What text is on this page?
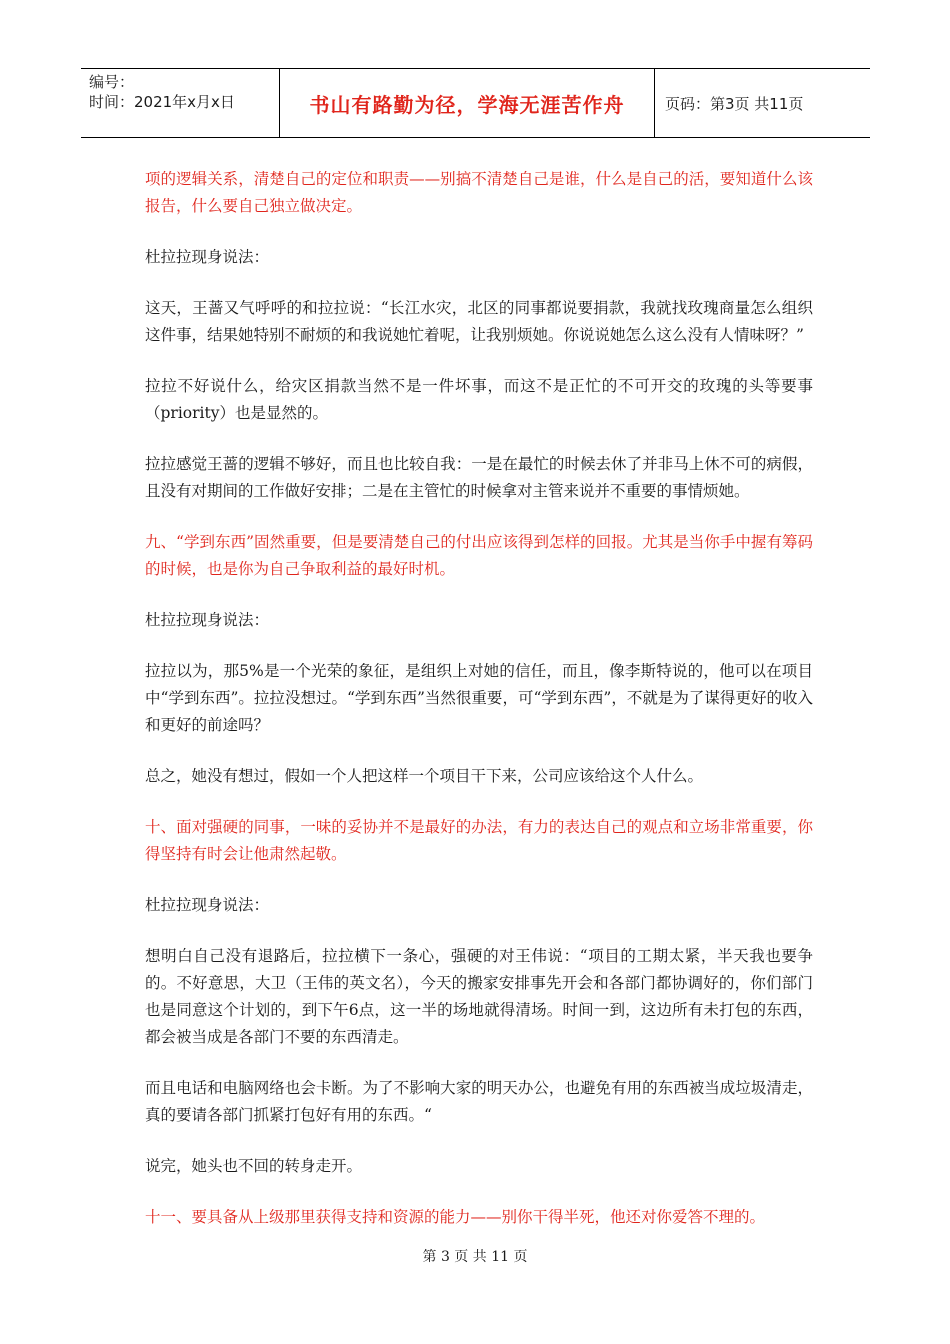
编号：
时间：2021年x月x日	书山有路勤为径，学海无涯苦作舟	页码：第3页 共11页

项的逻辑关系，清楚自己的定位和职责——别搞不清楚自己是谁，什么是自己的活，要知道什么该报告，什么要自己独立做决定。

杜拉拉现身说法：

这天，王蔷又气呼呼的和拉拉说：“长江水灾，北区的同事都说要捐款，我就找玫瑰商量怎么组织这件事，结果她特别不耐烦的和我说她忙着呢，让我别烦她。你说说她怎么这么没有人情味呀？”

拉拉不好说什么，给灾区捐款当然不是一件坏事，而这不是正忙的不可开交的玫瑰的头等要事（priority）也是显然的。

拉拉感觉王蔷的逻辑不够好，而且也比较自我：一是在最忙的时候去休了并非马上休不可的病假，且没有对期间的工作做好安排；二是在主管忙的时候拿对主管来说并不重要的事情烦她。

九、“学到东西”固然重要，但是要清楚自己的付出应该得到怎样的回报。尤其是当你手中握有筹码的时候，也是你为自己争取利益的最好时机。

杜拉拉现身说法：

拉拉以为，那5%是一个光荣的象征，是组织上对她的信任，而且，像李斯特说的，他可以在项目中“学到东西”。拉拉没想过。“学到东西”当然很重要，可“学到东西”，不就是为了谋得更好的收入和更好的前途吗？

总之，她没有想过，假如一个人把这样一个项目干下来，公司应该给这个人什么。

十、面对强硬的同事，一味的妥协并不是最好的办法，有力的表达自己的观点和立场非常重要，你得坚持有时会让他肃然起敬。

杜拉拉现身说法：

想明白自己没有退路后，拉拉横下一条心，强硬的对王伟说：“项目的工期太紧，半天我也要争的。不好意思，大卫（王伟的英文名），今天的搬家安排事先开会和各部门都协调好的，你们部门也是同意这个计划的，到下午6点，这一半的场地就得清场。时间一到，这边所有未打包的东西，都会被当成是各部门不要的东西清走。

而且电话和电脑网络也会卡断。为了不影响大家的明天办公，也避免有用的东西被当成垃圾清走，真的要请各部门抓紧打包好有用的东西。“

说完，她头也不回的转身走开。

十一、要具备从上级那里获得支持和资源的能力——别你干得半死，他还对你爱答不理的。

第 3 页 共 11 页
